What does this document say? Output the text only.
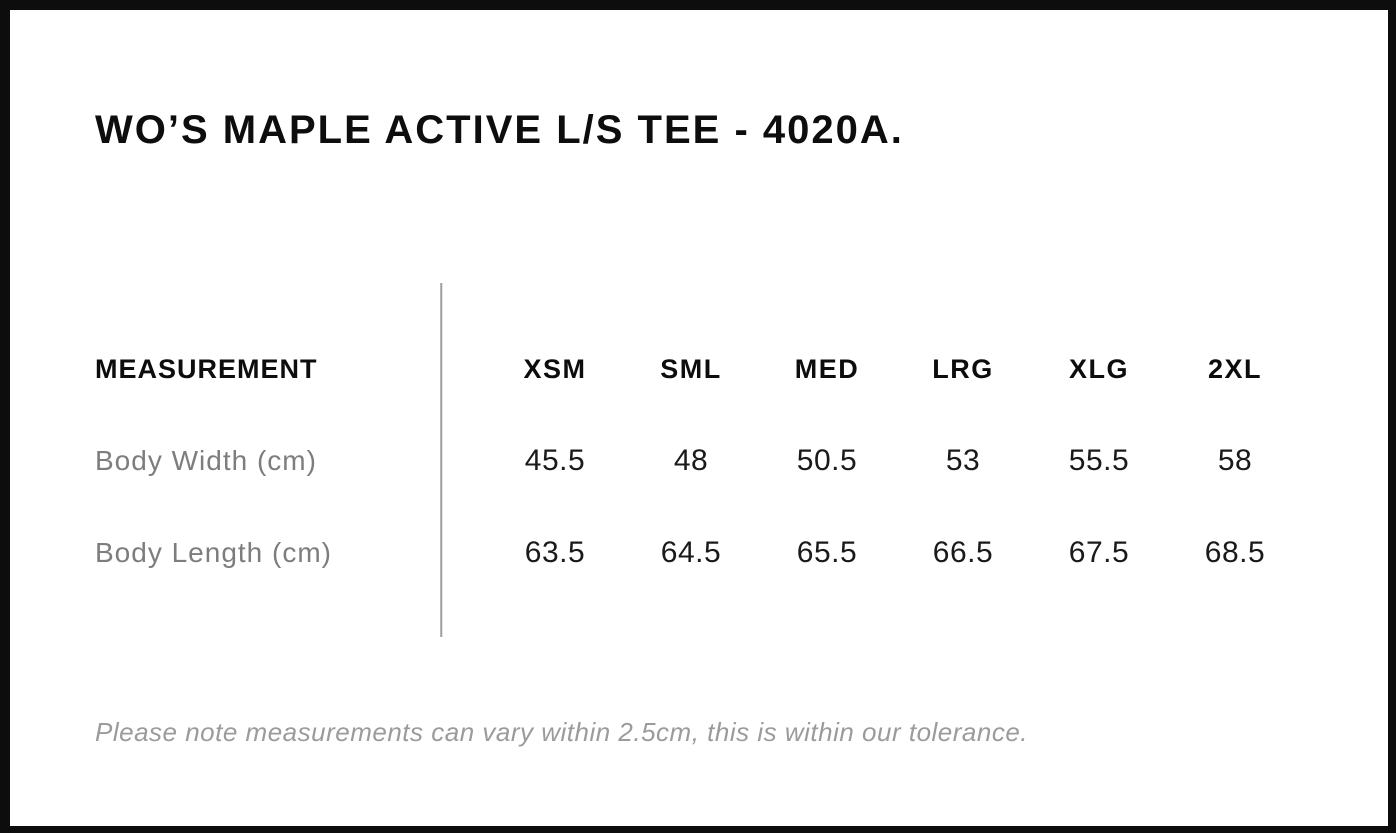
WO’S MAPLE ACTIVE L/S TEE - 4020A.
MEASUREMENT	XSM	SML	MED	LRG	XLG	2XL
Body Width (cm)	45.5	48	50.5	53	55.5	58
Body Length (cm)	63.5	64.5	65.5	66.5	67.5	68.5
Please note measurements can vary within 2.5cm, this is within our tolerance.
